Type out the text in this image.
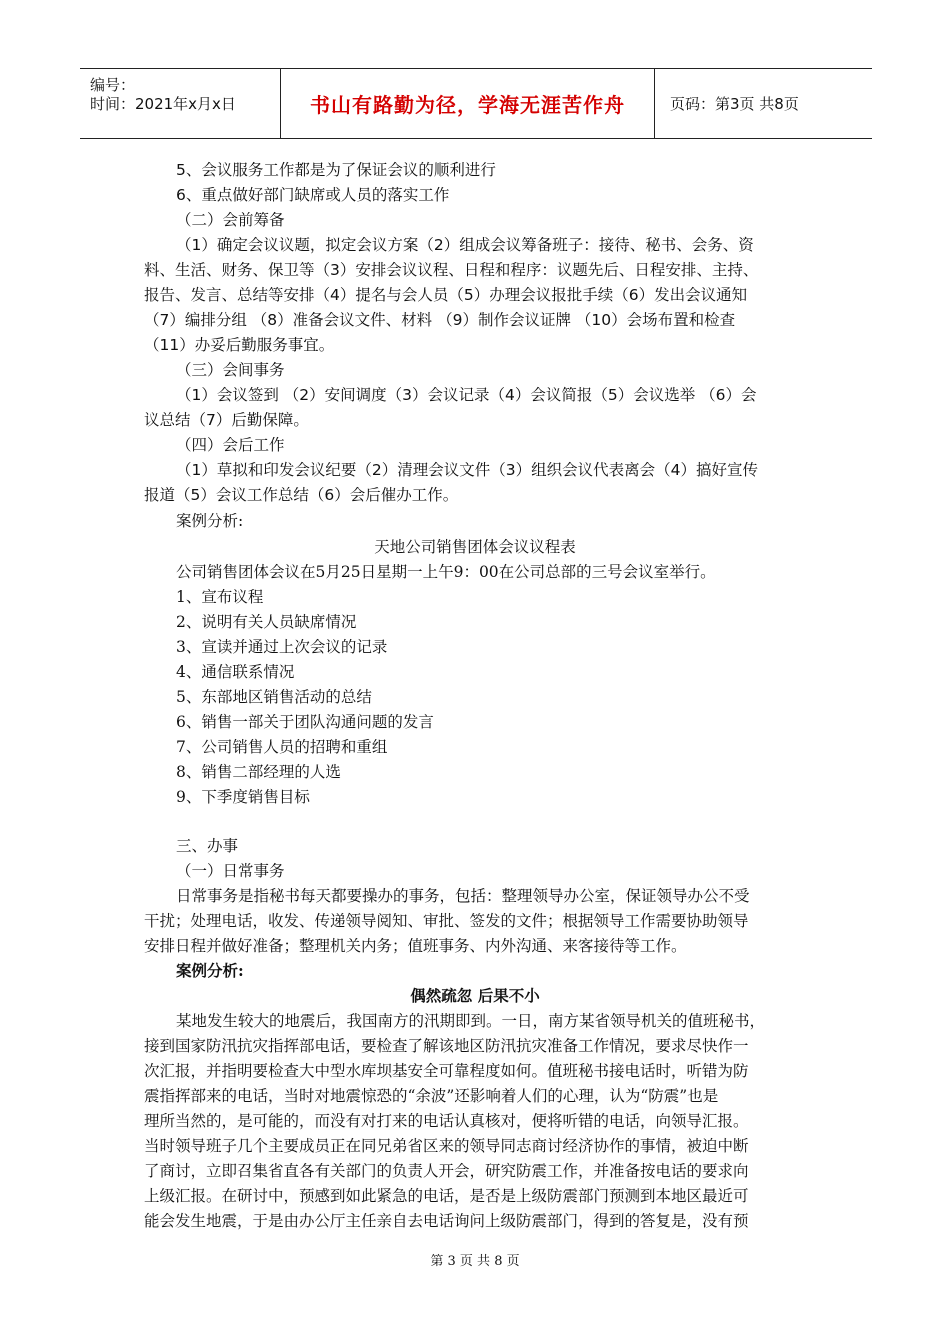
编号：
时间：2021年x月x日	书山有路勤为径，学海无涯苦作舟	页码：第3页 共8页
5、会议服务工作都是为了保证会议的顺利进行
6、重点做好部门缺席或人员的落实工作
（二）会前筹备
（1）确定会议议题，拟定会议方案（2）组成会议筹备班子：接待、秘书、会务、资
料、生活、财务、保卫等（3）安排会议议程、日程和程序：议题先后、日程安排、主持、
报告、发言、总结等安排（4）提名与会人员（5）办理会议报批手续（6）发出会议通知
（7）编排分组 （8）准备会议文件、材料 （9）制作会议证牌 （10）会场布置和检查
（11）办妥后勤服务事宜。
（三）会间事务
（1）会议签到 （2）安间调度（3）会议记录（4）会议简报（5）会议选举 （6）会
议总结（7）后勤保障。
（四）会后工作
（1）草拟和印发会议纪要（2）清理会议文件（3）组织会议代表离会（4）搞好宣传
报道（5）会议工作总结（6）会后催办工作。
案例分析:
天地公司销售团体会议议程表
公司销售团体会议在5月25日星期一上午9：00在公司总部的三号会议室举行。
1、宣布议程
2、说明有关人员缺席情况
3、宣读并通过上次会议的记录
4、通信联系情况
5、东部地区销售活动的总结
6、销售一部关于团队沟通问题的发言
7、公司销售人员的招聘和重组
8、销售二部经理的人选
9、下季度销售目标
三、办事
（一）日常事务
日常事务是指秘书每天都要操办的事务，包括：整理领导办公室，保证领导办公不受
干扰；处理电话，收发、传递领导阅知、审批、签发的文件；根据领导工作需要协助领导
安排日程并做好准备；整理机关内务；值班事务、内外沟通、来客接待等工作。
案例分析:
偶然疏忽 后果不小
某地发生较大的地震后，我国南方的汛期即到。一日，南方某省领导机关的值班秘书，
接到国家防汛抗灾指挥部电话，要检查了解该地区防汛抗灾准备工作情况，要求尽快作一
次汇报，并指明要检查大中型水库坝基安全可靠程度如何。值班秘书接电话时，听错为防
震指挥部来的电话，当时对地震惊恐的“余波”还影响着人们的心理，认为“防震”也是
理所当然的，是可能的，而没有对打来的电话认真核对，便将听错的电话，向领导汇报。
当时领导班子几个主要成员正在同兄弟省区来的领导同志商讨经济协作的事情，被迫中断
了商讨，立即召集省直各有关部门的负责人开会，研究防震工作，并准备按电话的要求向
上级汇报。在研讨中，预感到如此紧急的电话，是否是上级防震部门预测到本地区最近可
能会发生地震，于是由办公厅主任亲自去电话询问上级防震部门，得到的答复是，没有预
第 3 页 共 8 页
